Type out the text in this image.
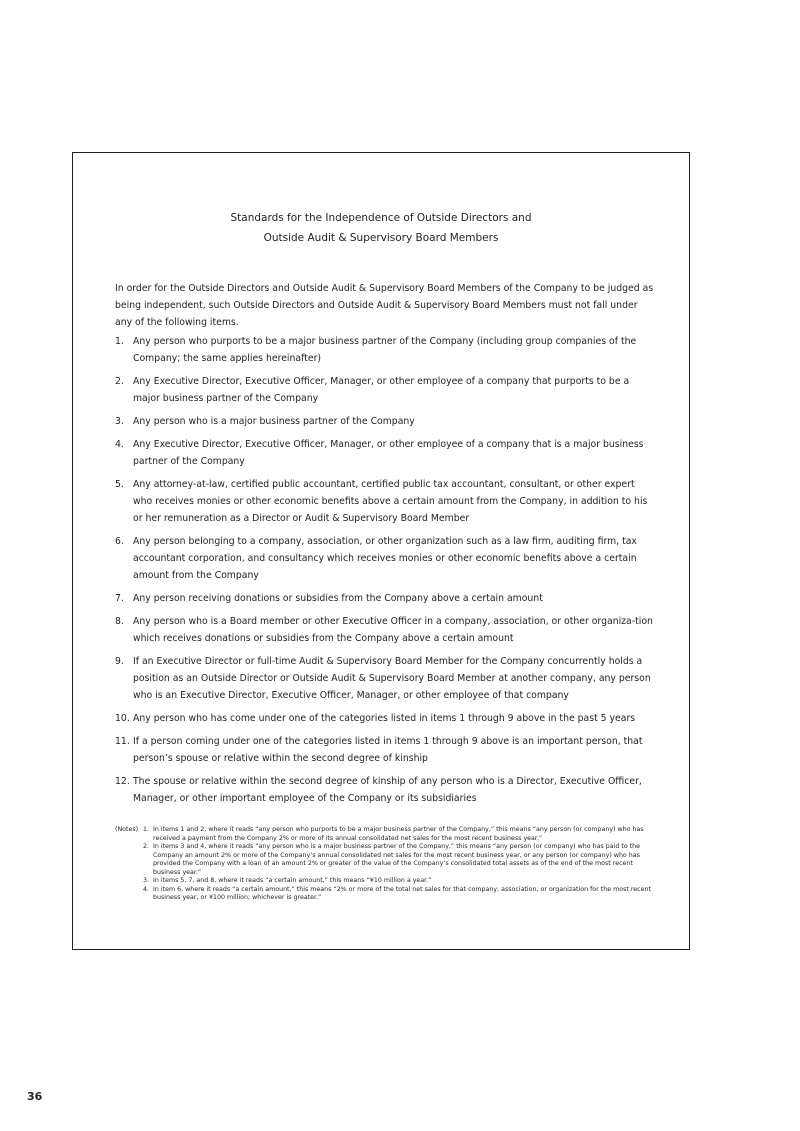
Standards for the Independence of Outside Directors and
Outside Audit & Supervisory Board Members

In order for the Outside Directors and Outside Audit & Supervisory Board Members of the Company to be judged as being independent, such Outside Directors and Outside Audit & Supervisory Board Members must not fall under any of the following items.

1. Any person who purports to be a major business partner of the Company (including group companies of the Company; the same applies hereinafter)
2. Any Executive Director, Executive Officer, Manager, or other employee of a company that purports to be a major business partner of the Company
3. Any person who is a major business partner of the Company
4. Any Executive Director, Executive Officer, Manager, or other employee of a company that is a major business partner of the Company
5. Any attorney-at-law, certified public accountant, certified public tax accountant, consultant, or other expert who receives monies or other economic benefits above a certain amount from the Company, in addition to his or her remuneration as a Director or Audit & Supervisory Board Member
6. Any person belonging to a company, association, or other organization such as a law firm, auditing firm, tax accountant corporation, and consultancy which receives monies or other economic benefits above a certain amount from the Company
7. Any person receiving donations or subsidies from the Company above a certain amount
8. Any person who is a Board member or other Executive Officer in a company, association, or other organiza-tion which receives donations or subsidies from the Company above a certain amount
9. If an Executive Director or full-time Audit & Supervisory Board Member for the Company concurrently holds a position as an Outside Director or Outside Audit & Supervisory Board Member at another company, any person who is an Executive Director, Executive Officer, Manager, or other employee of that company
10. Any person who has come under one of the categories listed in items 1 through 9 above in the past 5 years
11. If a person coming under one of the categories listed in items 1 through 9 above is an important person, that person’s spouse or relative within the second degree of kinship
12. The spouse or relative within the second degree of kinship of any person who is a Director, Executive Officer, Manager, or other important employee of the Company or its subsidiaries
(Notes) 1. In items 1 and 2, where it reads “any person who purports to be a major business partner of the Company,” this means “any person (or company) who has received a payment from the Company 2% or more of its annual consolidated net sales for the most recent business year.”
2. In items 3 and 4, where it reads “any person who is a major business partner of the Company,” this means “any person (or company) who has paid to the Company an amount 2% or more of the Company’s annual consolidated net sales for the most recent business year, or any person (or company) who has provided the Company with a loan of an amount 2% or greater of the value of the Company’s consolidated total assets as of the end of the most recent business year.”
3. In items 5, 7, and 8, where it reads “a certain amount,” this means “¥10 million a year.”
4. In item 6, where it reads “a certain amount,” this means “2% or more of the total net sales for that company, association, or organization for the most recent business year, or ¥100 million; whichever is greater.”
36
